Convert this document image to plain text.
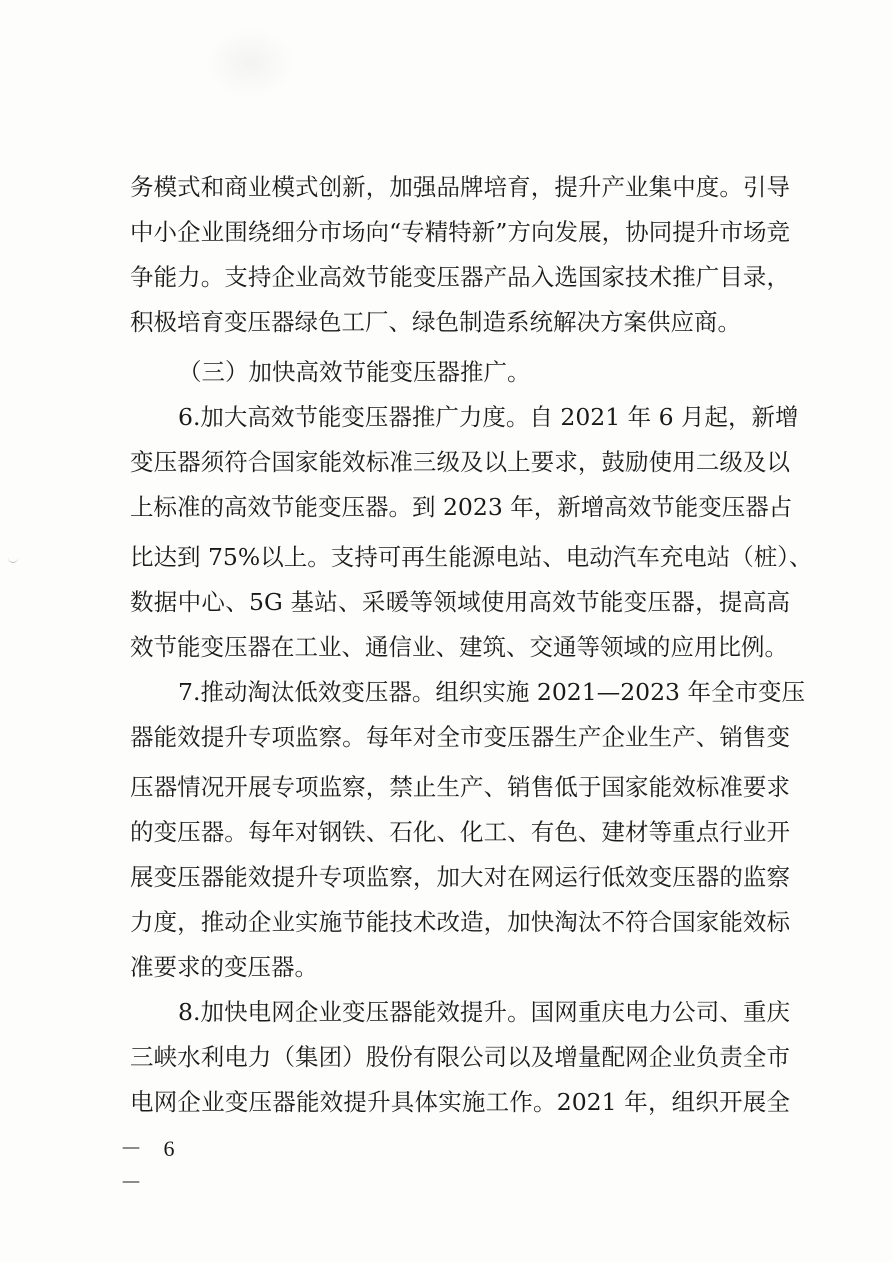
务模式和商业模式创新，加强品牌培育，提升产业集中度。引导
中小企业围绕细分市场向“专精特新”方向发展，协同提升市场竞
争能力。支持企业高效节能变压器产品入选国家技术推广目录，
积极培育变压器绿色工厂、绿色制造系统解决方案供应商。
（三）加快高效节能变压器推广。
6.加大高效节能变压器推广力度。自 2021 年 6 月起，新增
变压器须符合国家能效标准三级及以上要求，鼓励使用二级及以
上标准的高效节能变压器。到 2023 年，新增高效节能变压器占
比达到 75%以上。支持可再生能源电站、电动汽车充电站（桩）、
数据中心、5G 基站、采暖等领域使用高效节能变压器，提高高
效节能变压器在工业、通信业、建筑、交通等领域的应用比例。
7.推动淘汰低效变压器。组织实施 2021—2023 年全市变压
器能效提升专项监察。每年对全市变压器生产企业生产、销售变
压器情况开展专项监察，禁止生产、销售低于国家能效标准要求
的变压器。每年对钢铁、石化、化工、有色、建材等重点行业开
展变压器能效提升专项监察，加大对在网运行低效变压器的监察
力度，推动企业实施节能技术改造，加快淘汰不符合国家能效标
准要求的变压器。
8.加快电网企业变压器能效提升。国网重庆电力公司、重庆
三峡水利电力（集团）股份有限公司以及增量配网企业负责全市
电网企业变压器能效提升具体实施工作。2021 年，组织开展全
－ 6 －
